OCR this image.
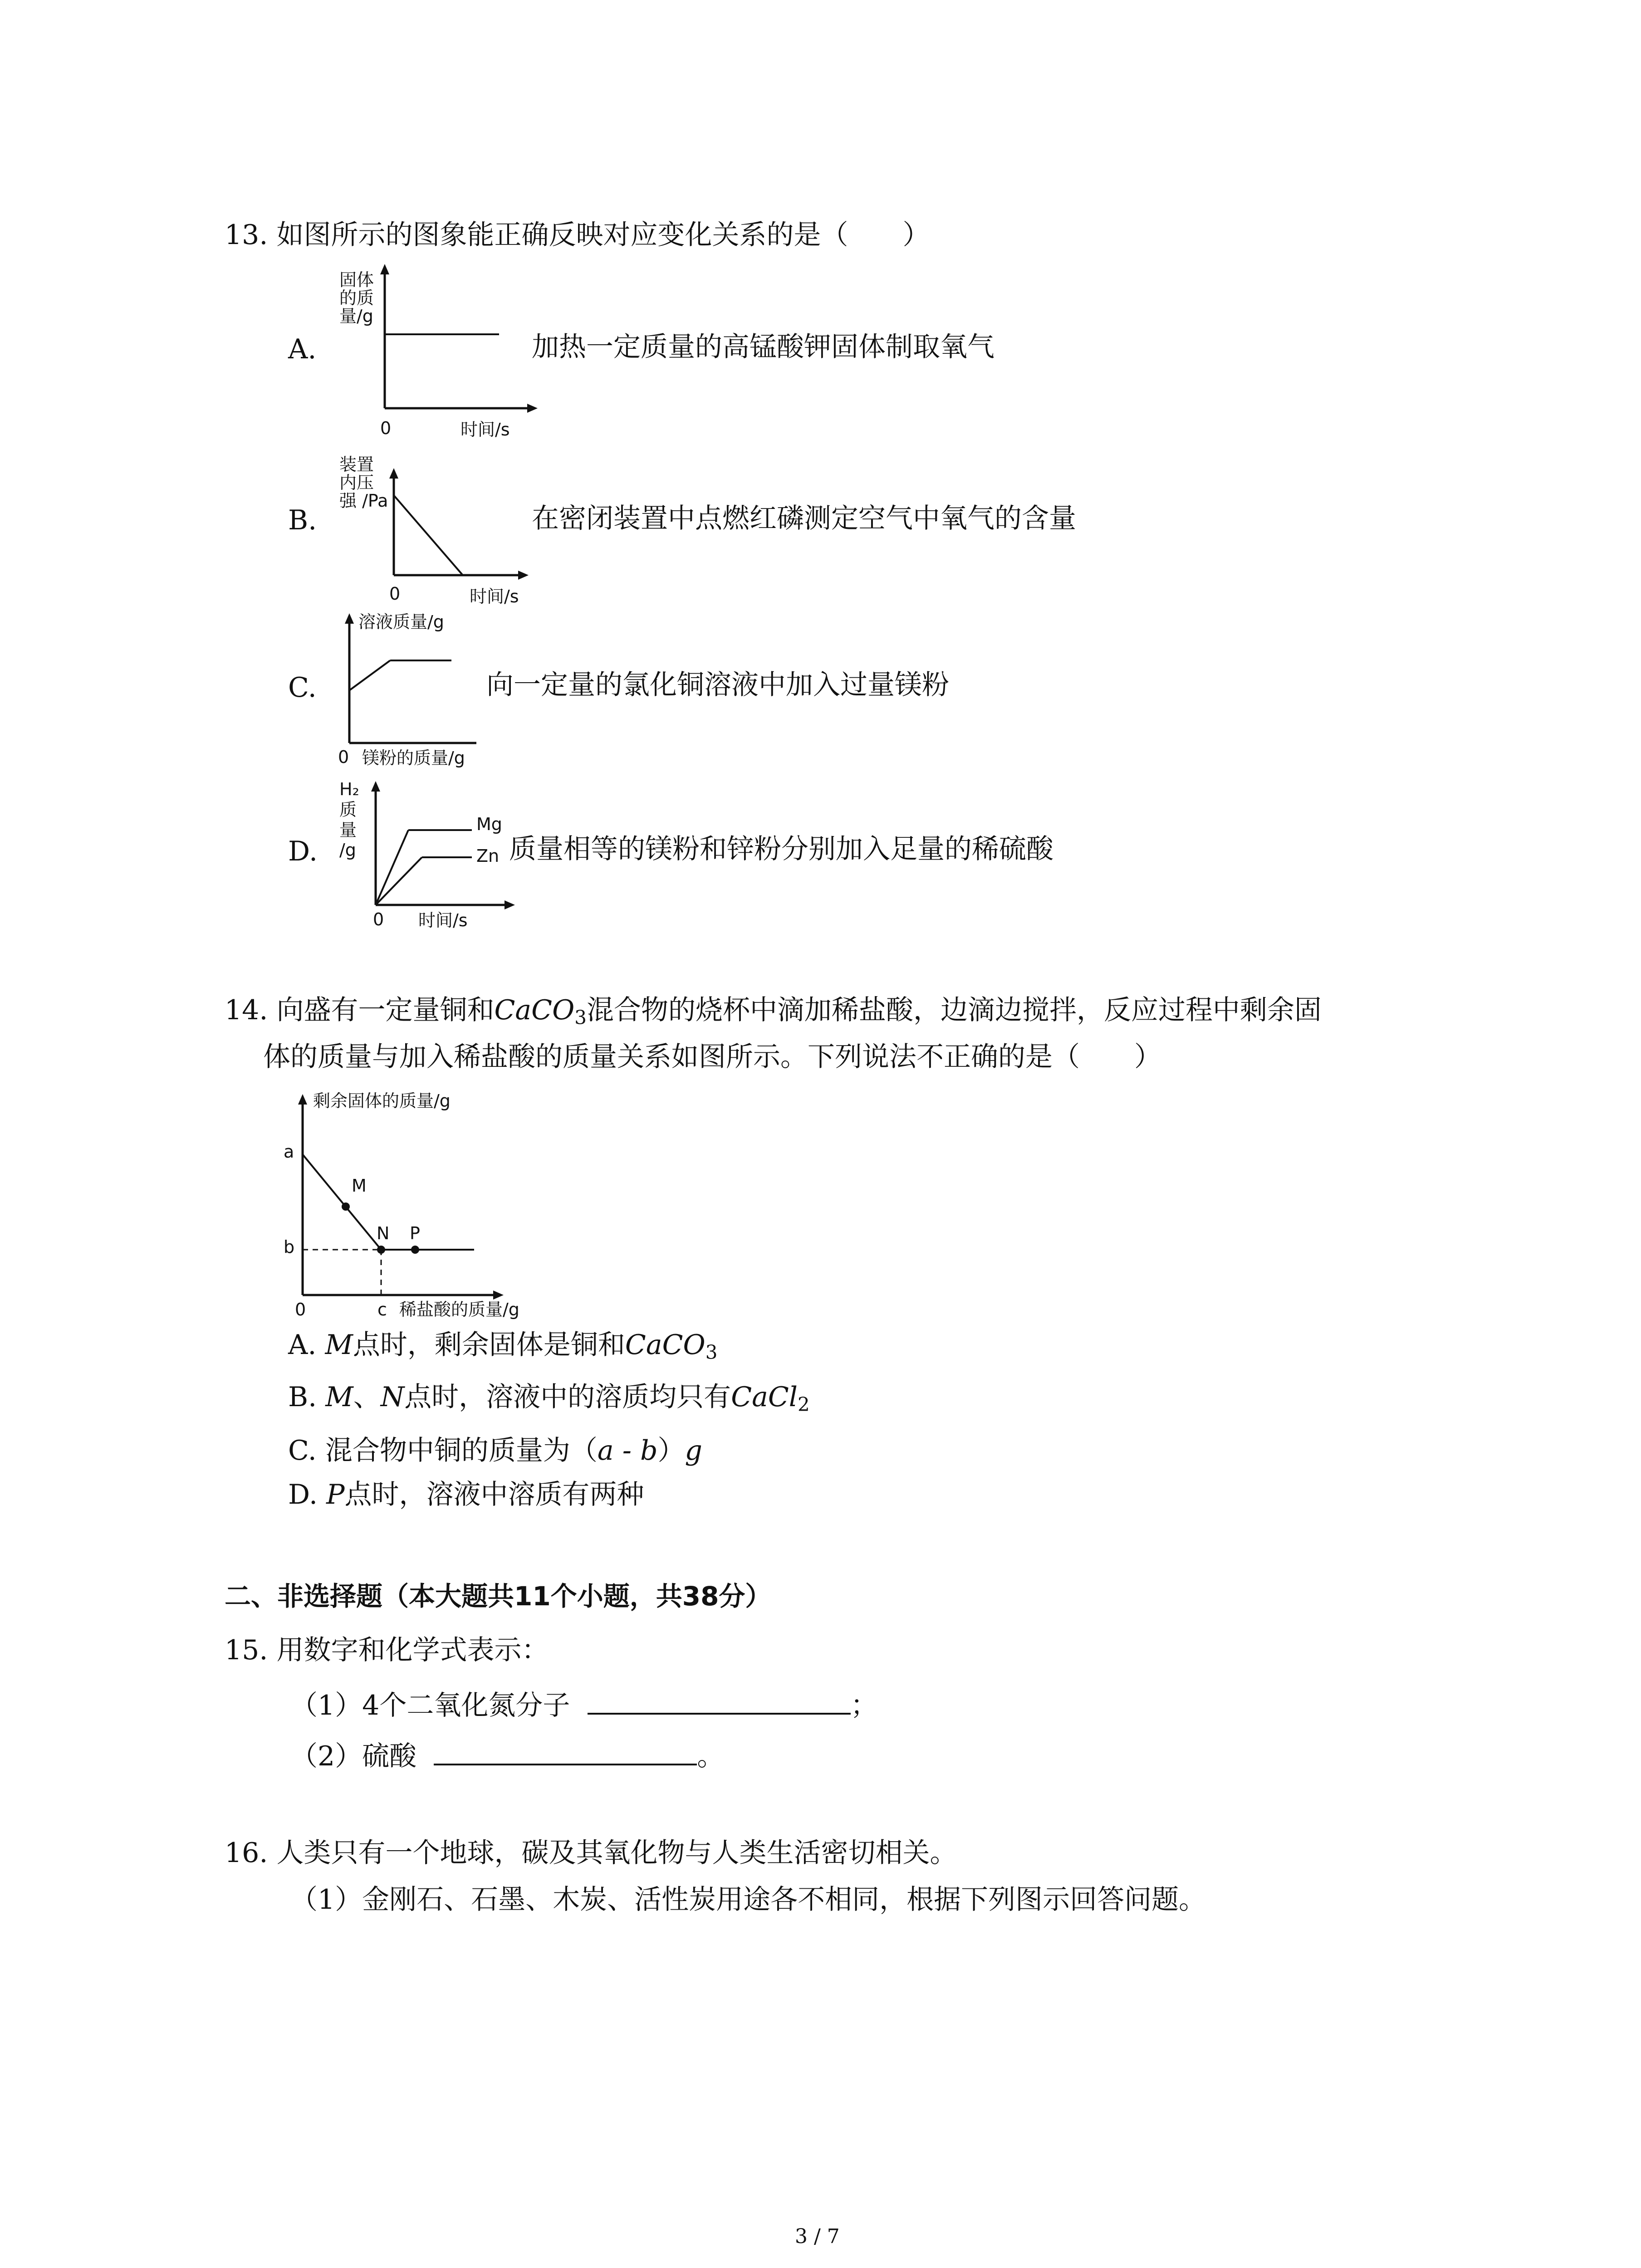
13. 如图所示的图象能正确反映对应变化关系的是（　　）
A.
固体
的质
量/g
0	时间/s
加热一定质量的高锰酸钾固体制取氧气
B.
装置
内压
强 /Pa
0	时间/s
在密闭装置中点燃红磷测定空气中氧气的含量
C.
溶液质量/g
0 镁粉的质量/g
向一定量的氯化铜溶液中加入过量镁粉
D.
H₂
质
量
/g
Mg
Zn
0 时间/s
质量相等的镁粉和锌粉分别加入足量的稀硫酸
14. 向盛有一定量铜和CaCO$_3$混合物的烧杯中滴加稀盐酸，边滴边搅拌，反应过程中剩余固
体的质量与加入稀盐酸的质量关系如图所示。下列说法不正确的是（　　）
剩余固体的质量/g
a
b
M
N P
0	c 稀盐酸的质量/g
A. M点时，剩余固体是铜和CaCO$_3$
B. M、N点时，溶液中的溶质均只有CaCl$_2$
C. 混合物中铜的质量为（a - b）g
D. P点时，溶液中溶质有两种
二、非选择题（本大题共11个小题，共38分）
15. 用数字和化学式表示：
（1）4个二氧化氮分子	；
（2）硫酸	。
16. 人类只有一个地球，碳及其氧化物与人类生活密切相关。
（1）金刚石、石墨、木炭、活性炭用途各不相同，根据下列图示回答问题。
3 / 7
